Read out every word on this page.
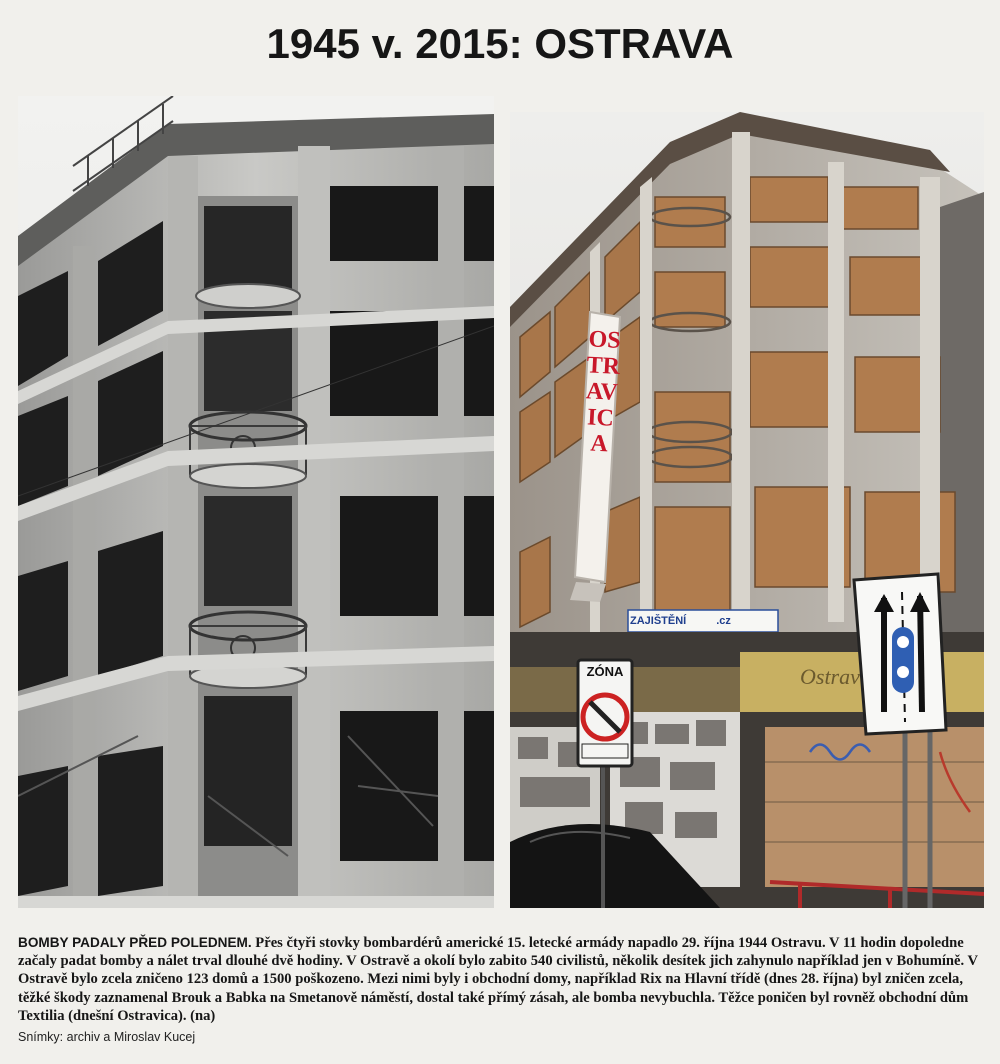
1945 v. 2015: OSTRAVA
OSTRAVICA
ZAJIŠTĚNÍ	.cz
ZÓNA	Ostrav
BOMBY PADALY PŘED POLEDNEM. Přes čtyři stovky bombardérů americké 15. letecké armády napadlo 29. října 1944 Ostravu. V 11 hodin dopoledne začaly padat bomby a nálet trval dlouhé dvě hodiny. V Ostravě a okolí bylo zabito 540 civilistů, několik desítek jich zahynulo například jen v Bohumíně. V Ostravě bylo zcela zničeno 123 domů a 1500 poškozeno. Mezi nimi byly i obchodní domy, například Rix na Hlavní třídě (dnes 28. října) byl zničen zcela, těžké škody zaznamenal Brouk a Babka na Smetanově náměstí, dostal také přímý zásah, ale bomba nevybuchla. Těžce poničen byl rovněž obchodní dům Textilia (dnešní Ostravica). (na)
Snímky: archiv a Miroslav Kucej
